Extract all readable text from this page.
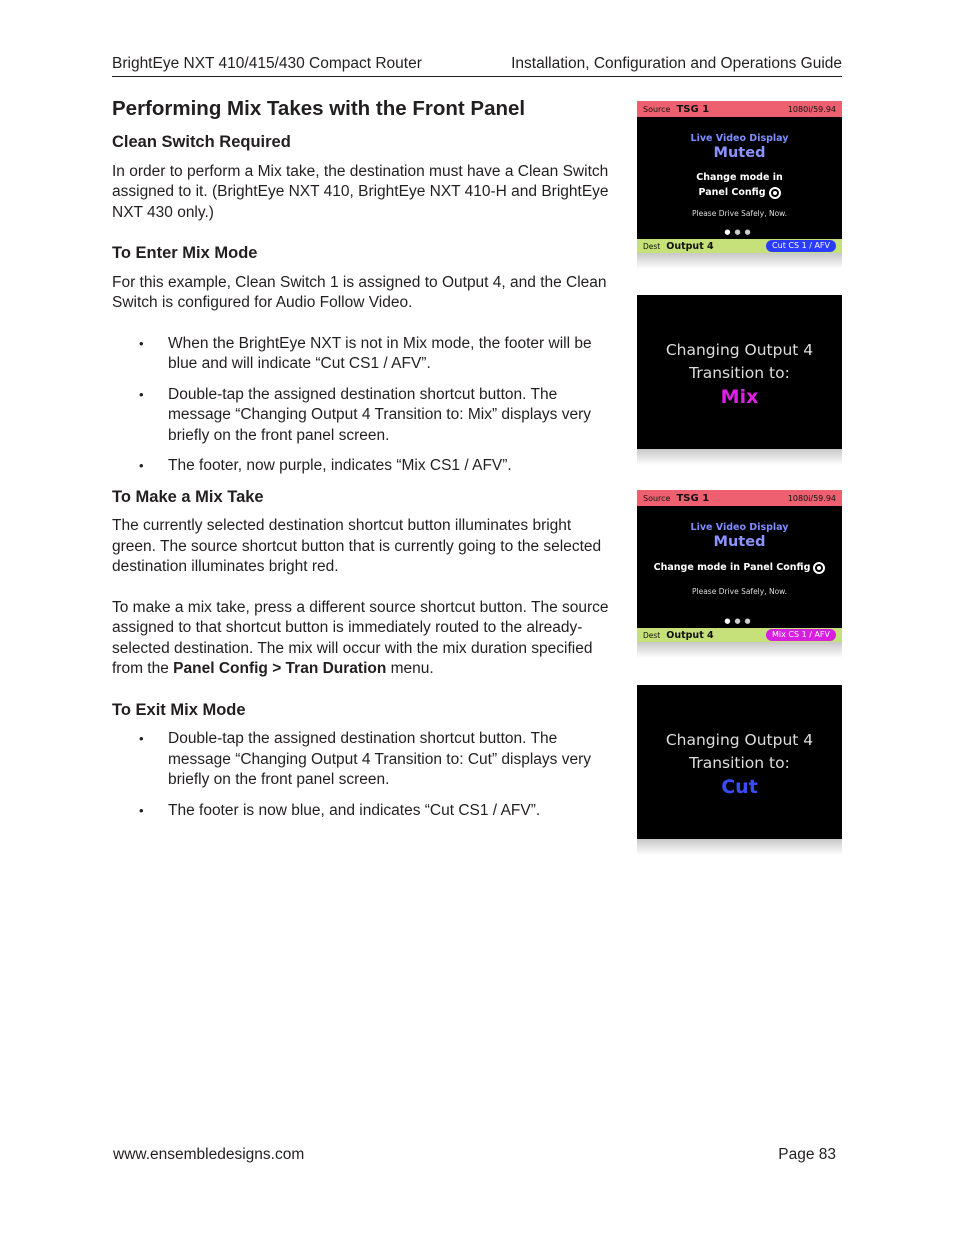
BrightEye NXT 410/415/430 Compact Router	Installation, Configuration and Operations Guide
Performing Mix Takes with the Front Panel
Clean Switch Required
In order to perform a Mix take, the destination must have a Clean Switch assigned to it. (BrightEye NXT 410, BrightEye NXT 410-H and BrightEye NXT 430 only.)
To Enter Mix Mode
For this example, Clean Switch 1 is assigned to Output 4, and the Clean Switch is configured for Audio Follow Video.
• When the BrightEye NXT is not in Mix mode, the footer will be blue and will indicate “Cut CS1 / AFV”.
• Double-tap the assigned destination shortcut button. The message “Changing Output 4 Transition to: Mix” displays very briefly on the front panel screen.
• The footer, now purple, indicates “Mix CS1 / AFV”.
To Make a Mix Take
The currently selected destination shortcut button illuminates bright green. The source shortcut button that is currently going to the selected destination illuminates bright red.
To make a mix take, press a different source shortcut button. The source assigned to that shortcut button is immediately routed to the already-selected destination. The mix will occur with the mix duration specified from the Panel Config > Tran Duration menu.
To Exit Mix Mode
• Double-tap the assigned destination shortcut button. The message “Changing Output 4 Transition to: Cut” displays very briefly on the front panel screen.
• The footer is now blue, and indicates “Cut CS1 / AFV”.
Source TSG 1	1080i/59.94
Live Video Display
Muted
Change mode in
Panel Config
Please Drive Safely, Now.
●●●
Dest Output 4	Cut CS 1 / AFV
Changing Output 4
Transition to:
Mix
Source TSG 1	1080i/59.94
Live Video Display
Muted
Change mode in Panel Config
Please Drive Safely, Now.
●●●
Dest Output 4	Mix CS 1 / AFV
Changing Output 4
Transition to:
Cut
www.ensembledesigns.com	Page 83
